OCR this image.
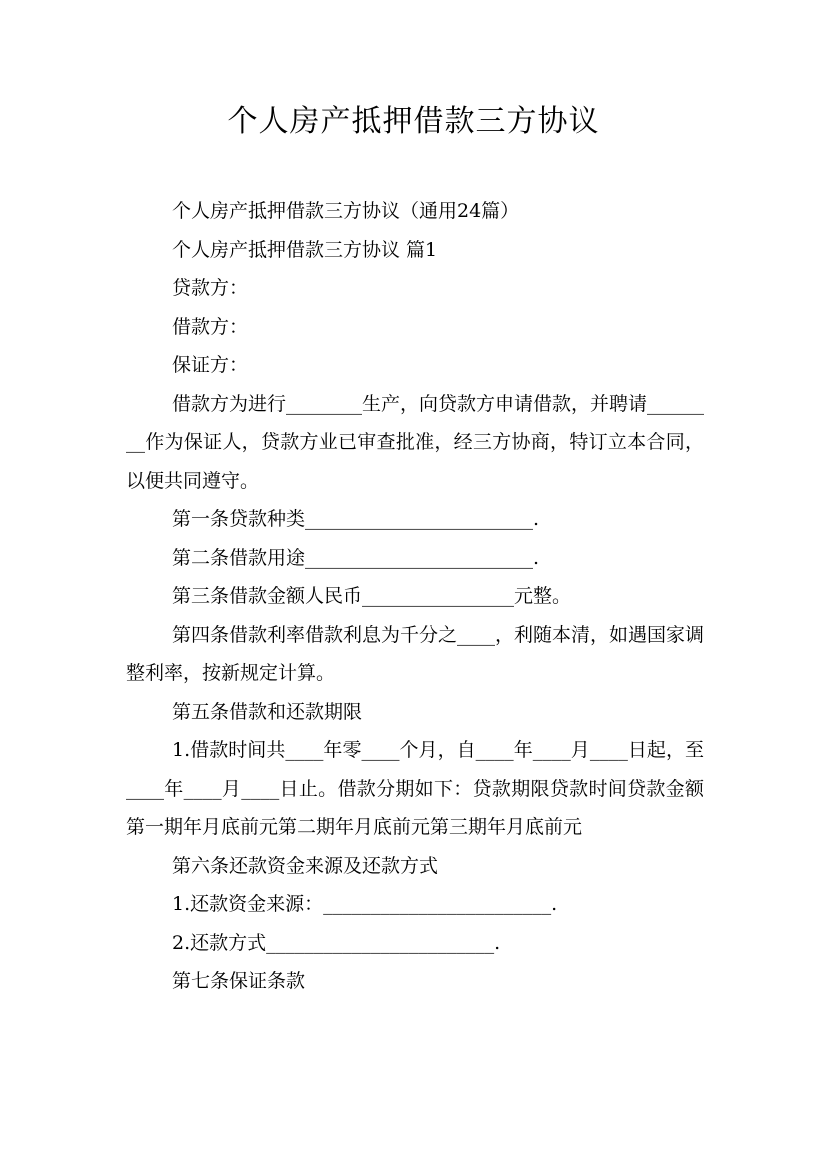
个人房产抵押借款三方协议

个人房产抵押借款三方协议（通用24篇）

个人房产抵押借款三方协议 篇1

贷款方：

借款方：

保证方：

借款方为进行________生产，向贷款方申请借款，并聘请________作为保证人，贷款方业已审查批准，经三方协商，特订立本合同，以便共同遵守。

第一条贷款种类________________________.

第二条借款用途________________________.

第三条借款金额人民币________________元整。

第四条借款利率借款利息为千分之____，利随本清，如遇国家调整利率，按新规定计算。

第五条借款和还款期限

1.借款时间共____年零____个月，自____年____月____日起，至____年____月____日止。借款分期如下：贷款期限贷款时间贷款金额第一期年月底前元第二期年月底前元第三期年月底前元

第六条还款资金来源及还款方式

1.还款资金来源：________________________.

2.还款方式________________________.

第七条保证条款
